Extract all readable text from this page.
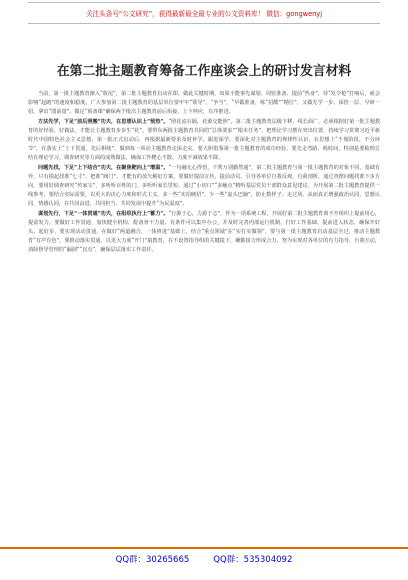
关注头条号“公文研究”，获得最新最全最专业的公文资料库！ 微信：gongwenyj
在第二批主题教育筹备工作座谈会上的研讨发言材料

当前，第一批主题教育渐入“收尾”，第二批主题教育启动在即。做此关键时期，如果不能事先谋划、周密准备、提前“热身”、待“发令枪”打响后，就会影响“起跑”的速度和稳度。广大参加第二批主题教育的基层单位要牢牢“领导”，“争当”，“早做准备，练“招酷”“精位”，又做先学一步、深悟一层、早研一招，拿出“图前量”，做足“预备课”确保两个批次主题教育前后衔接、上下呼应，有序推进。

方法先学，下足“前后照搬”功夫，在思想认识上“预热”。“照花流石隔，花源交能照”，第二批主题教育层级下移，线长面广，必须根据好第一批主题教育的好经验，好做法，才能让主题教育步步生“花”。要带东两批主题教育共同的“总体要求”“根本任务”，把理论学习摆在突出位置，持续学习贯彻习近平新时代中国特色社会主义思想，第一批正式启动后，再根据最新要求及时补学，跟进深学，要深化对主题教育的规律性认识，在思想上“不划阶段，不分环节”，在落实上“上下贯通，先后相续”，做到每一项动主题教育走深走实。要大胆借鉴第一批主题教育的成功经验，要先走弯路、耗时间，特别是要梳理总结在理论学习、调查研究等方面的成熟做法，确保工作靶心不散、力度不减效果不降。

问题先找，下足“上下结合”功夫，在聚焦靶向上“增温”。“一句融无心得悟，千帮万别勤然通”，第二批主题教育与第一批主题教育的对象不同、基础有异，只有摸起找准“七寸”、把准“阀门”，才能有的放矢解好方案。要做好提前宣传，提前动员，引导各单位自我反观，自我剖析，通过查摆问题找准下步方向，要用好调查研究“传家宝”，多听听百姓的门，多听听家长里短，通过“小切口”“多触点”精听基层党员干部群众意见建议，为开展第二批主题教育提供一线参考，要结合实际需要，以更大的决心力度和形式主义，多一些“实招硬招”，少一些“虚头巴脑”，防止数样子、走过场，从而真正增强政治认同，思想认同，情感认同，在共同奋进、共同担当、共同发展中提升“为民温度”。

谋划先行，下足“一体贯通”功夫，在组织执行上“蓄力”。“行源于心，力源于志”，作为一项系统工程，开展好第二批主题教育离不开组织上提前用心，提前发力。要做好工作贯通，加快健全机构、配备骨干力量、有条件可以集中办公，并及时完善内部运行机制，打好工作基础。提前进入状态，确保开好头、起好步，要实现活动贯通，在做好“两道融合，一体推进”基础上，结合“重点领域”在“实打实做领”，要与第一批主题教育启动基层全过，推动主题教育“有声有色”，要推动落实贯通，以更大力度“开门”搞教育，在不设置指导组的关键提下，确勤接力形成合力，努为实现对各单位的有力指导、自我互动，消除督导管理的“漏洞”“盲点”，确保层层落实工作责任。

QQ群：30265665	QQ群：535304092
